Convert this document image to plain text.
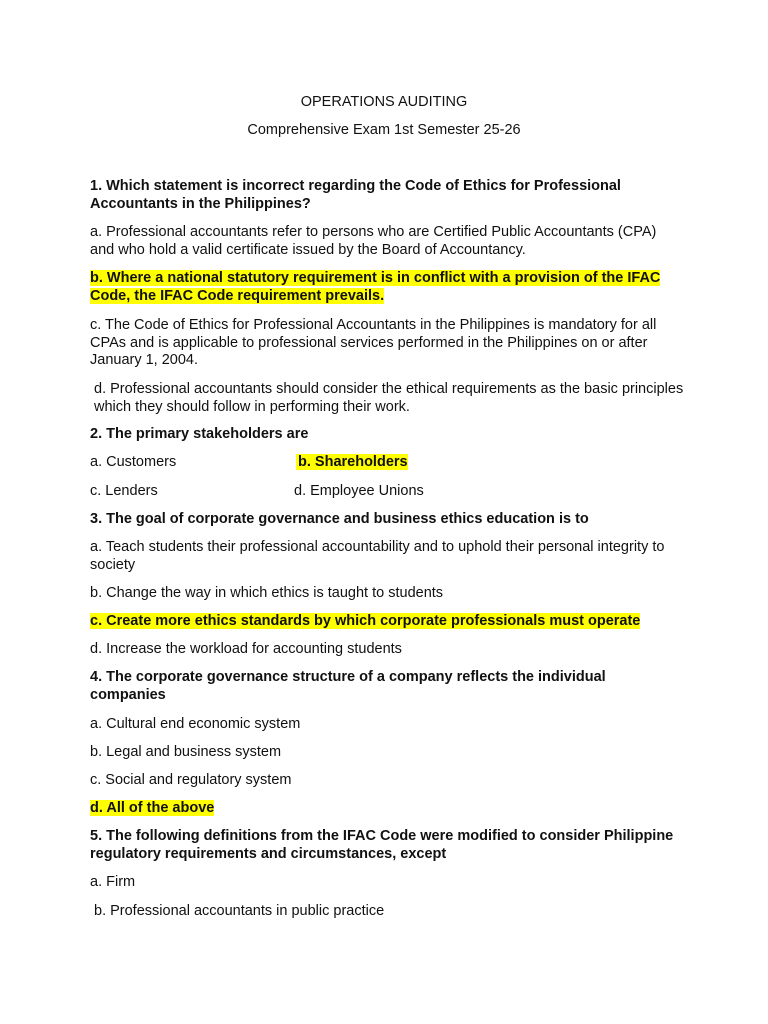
OPERATIONS AUDITING
Comprehensive Exam 1st Semester 25-26
1. Which statement is incorrect regarding the Code of Ethics for Professional Accountants in the Philippines?
a. Professional accountants refer to persons who are Certified Public Accountants (CPA) and who hold a valid certificate issued by the Board of Accountancy.
b. Where a national statutory requirement is in conflict with a provision of the IFAC Code, the IFAC Code requirement prevails.
c. The Code of Ethics for Professional Accountants in the Philippines is mandatory for all CPAs and is applicable to professional services performed in the Philippines on or after January 1, 2004.
d. Professional accountants should consider the ethical requirements as the basic principles which they should follow in performing their work.
2. The primary stakeholders are
a. Customers	b. Shareholders
c. Lenders	d. Employee Unions
3. The goal of corporate governance and business ethics education is to
a. Teach students their professional accountability and to uphold their personal integrity to society
b. Change the way in which ethics is taught to students
c. Create more ethics standards by which corporate professionals must operate
d. Increase the workload for accounting students
4. The corporate governance structure of a company reflects the individual companies
a. Cultural end economic system
b. Legal and business system
c. Social and regulatory system
d. All of the above
5. The following definitions from the IFAC Code were modified to consider Philippine regulatory requirements and circumstances, except
a. Firm
b. Professional accountants in public practice
